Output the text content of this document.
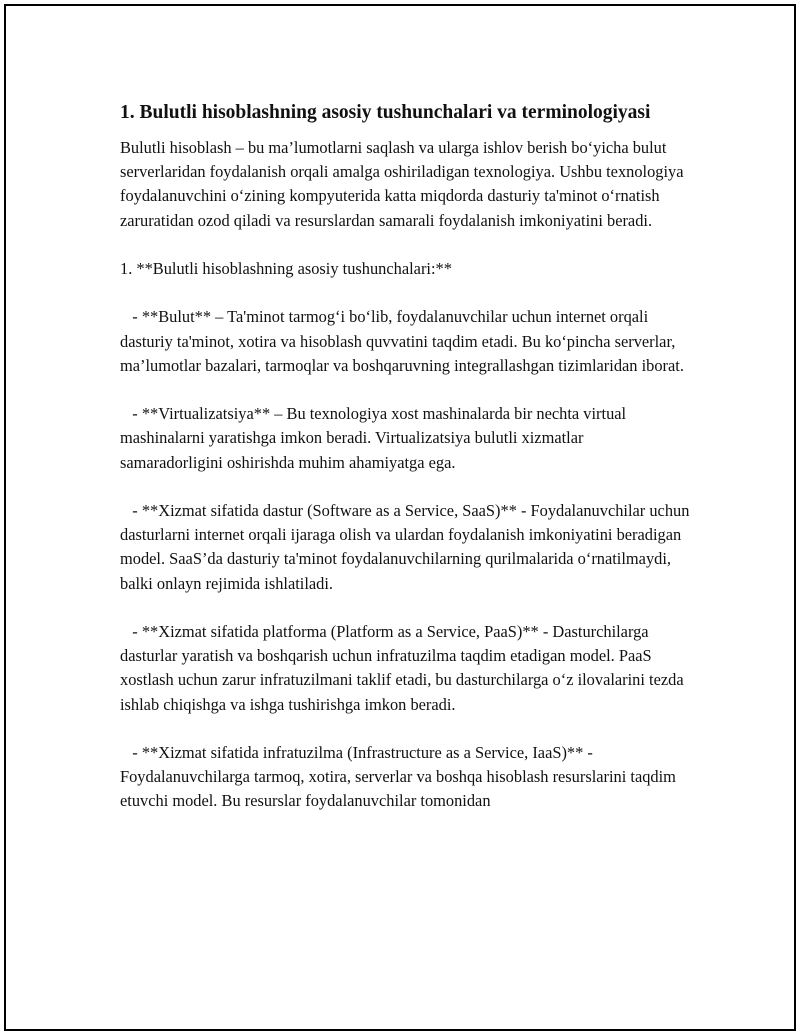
1. Bulutli hisoblashning asosiy tushunchalari va terminologiyasi

Bulutli hisoblash – bu ma’lumotlarni saqlash va ularga ishlov berish bo‘yicha bulut serverlaridan foydalanish orqali amalga oshiriladigan texnologiya. Ushbu texnologiya foydalanuvchini o‘zining kompyuterida katta miqdorda dasturiy ta'minot o‘rnatish zaruratidan ozod qiladi va resurslardan samarali foydalanish imkoniyatini beradi.

1. **Bulutli hisoblashning asosiy tushunchalari:**

- **Bulut** – Ta'minot tarmog‘i bo‘lib, foydalanuvchilar uchun internet orqali dasturiy ta'minot, xotira va hisoblash quvvatini taqdim etadi. Bu ko‘pincha serverlar, ma’lumotlar bazalari, tarmoqlar va boshqaruvning integrallashgan tizimlaridan iborat.

- **Virtualizatsiya** – Bu texnologiya xost mashinalarda bir nechta virtual mashinalarni yaratishga imkon beradi. Virtualizatsiya bulutli xizmatlar samaradorligini oshirishda muhim ahamiyatga ega.

- **Xizmat sifatida dastur (Software as a Service, SaaS)** - Foydalanuvchilar uchun dasturlarni internet orqali ijaraga olish va ulardan foydalanish imkoniyatini beradigan model. SaaS’da dasturiy ta'minot foydalanuvchilarning qurilmalarida o‘rnatilmaydi, balki onlayn rejimida ishlatiladi.

- **Xizmat sifatida platforma (Platform as a Service, PaaS)** - Dasturchilarga dasturlar yaratish va boshqarish uchun infratuzilma taqdim etadigan model. PaaS xostlash uchun zarur infratuzilmani taklif etadi, bu dasturchilarga o‘z ilovalarini tezda ishlab chiqishga va ishga tushirishga imkon beradi.

- **Xizmat sifatida infratuzilma (Infrastructure as a Service, IaaS)** - Foydalanuvchilarga tarmoq, xotira, serverlar va boshqa hisoblash resurslarini taqdim etuvchi model. Bu resurslar foydalanuvchilar tomonidan
